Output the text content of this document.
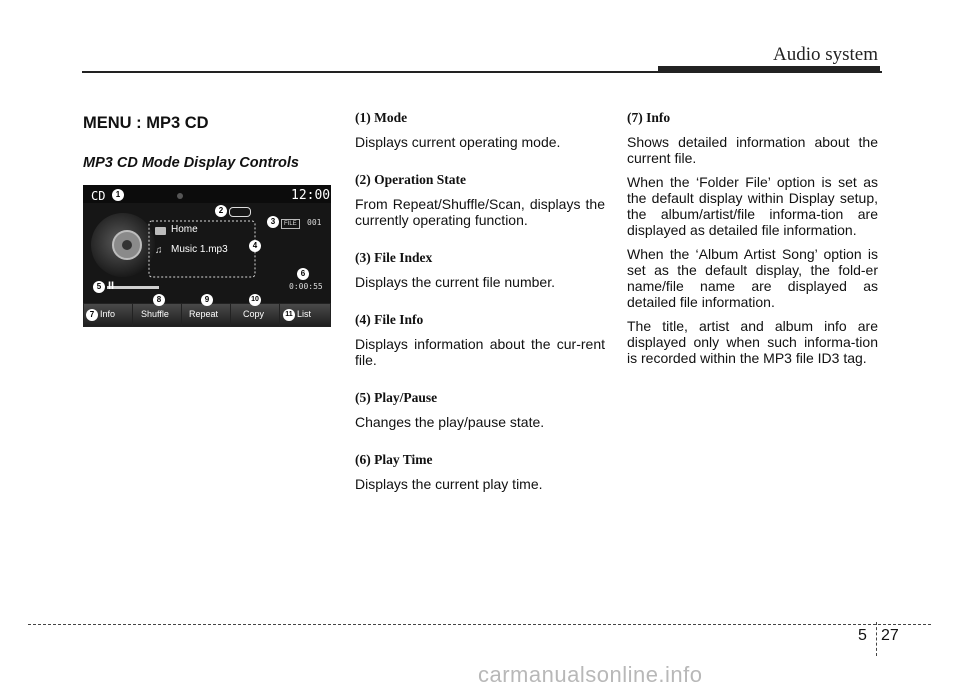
Audio system
MENU : MP3 CD
MP3 CD Mode Display Controls
CD	12:00
FILE	001
Home
♫ Music 1.mp3
II	0:00:55
Info	Shuffle Repeat	Copy	List
1
2
3
4
5
6
7
8	9	10
11
(1) Mode
Displays current operating mode.
(2) Operation State
From Repeat/Shuffle/Scan, displays the currently operating function.
(3) File Index
Displays the current file number.
(4) File Info
Displays information about the cur-rent file.
(5) Play/Pause
Changes the play/pause state.
(6) Play Time
Displays the current play time.
(7) Info
Shows detailed information about the current file.
When the ‘Folder File’ option is set as the default display within Display setup, the album/artist/file informa-tion are displayed as detailed file information.
When the ‘Album Artist Song’ option is set as the default display, the fold-er name/file name are displayed as detailed file information.
The title, artist and album info are displayed only when such informa-tion is recorded within the MP3 file ID3 tag.
5 27
carmanualsonline.info
